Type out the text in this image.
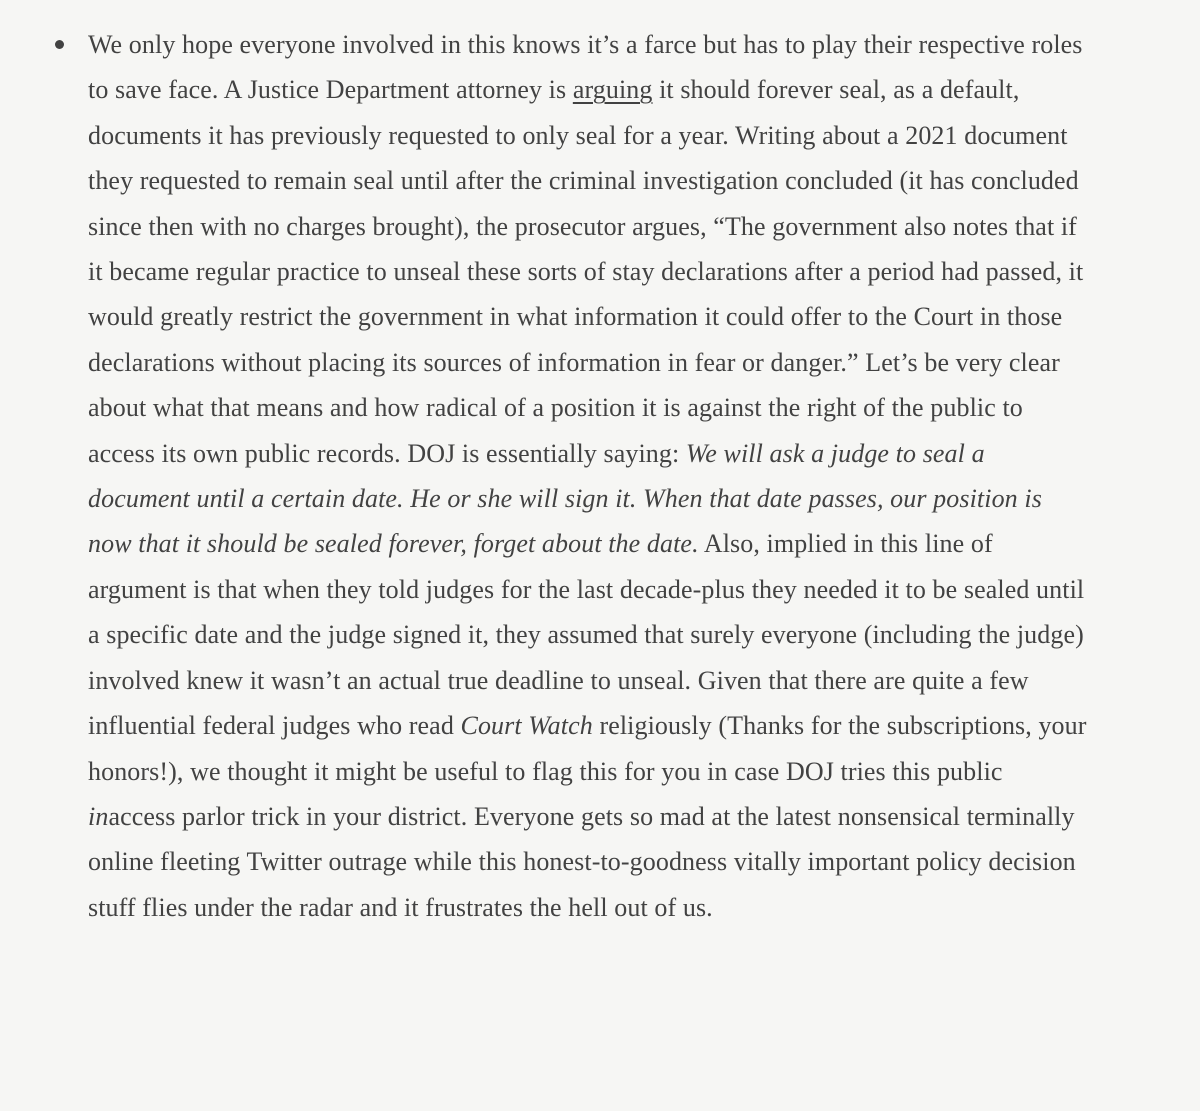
We only hope everyone involved in this knows it’s a farce but has to play their respective roles to save face. A Justice Department attorney is arguing it should forever seal, as a default, documents it has previously requested to only seal for a year. Writing about a 2021 document they requested to remain seal until after the criminal investigation concluded (it has concluded since then with no charges brought), the prosecutor argues, “The government also notes that if it became regular practice to unseal these sorts of stay declarations after a period had passed, it would greatly restrict the government in what information it could offer to the Court in those declarations without placing its sources of information in fear or danger.” Let’s be very clear about what that means and how radical of a position it is against the right of the public to access its own public records. DOJ is essentially saying: We will ask a judge to seal a document until a certain date. He or she will sign it. When that date passes, our position is now that it should be sealed forever, forget about the date. Also, implied in this line of argument is that when they told judges for the last decade-plus they needed it to be sealed until a specific date and the judge signed it, they assumed that surely everyone (including the judge) involved knew it wasn’t an actual true deadline to unseal. Given that there are quite a few influential federal judges who read Court Watch religiously (Thanks for the subscriptions, your honors!), we thought it might be useful to flag this for you in case DOJ tries this public inaccess parlor trick in your district. Everyone gets so mad at the latest nonsensical terminally online fleeting Twitter outrage while this honest-to-goodness vitally important policy decision stuff flies under the radar and it frustrates the hell out of us.
